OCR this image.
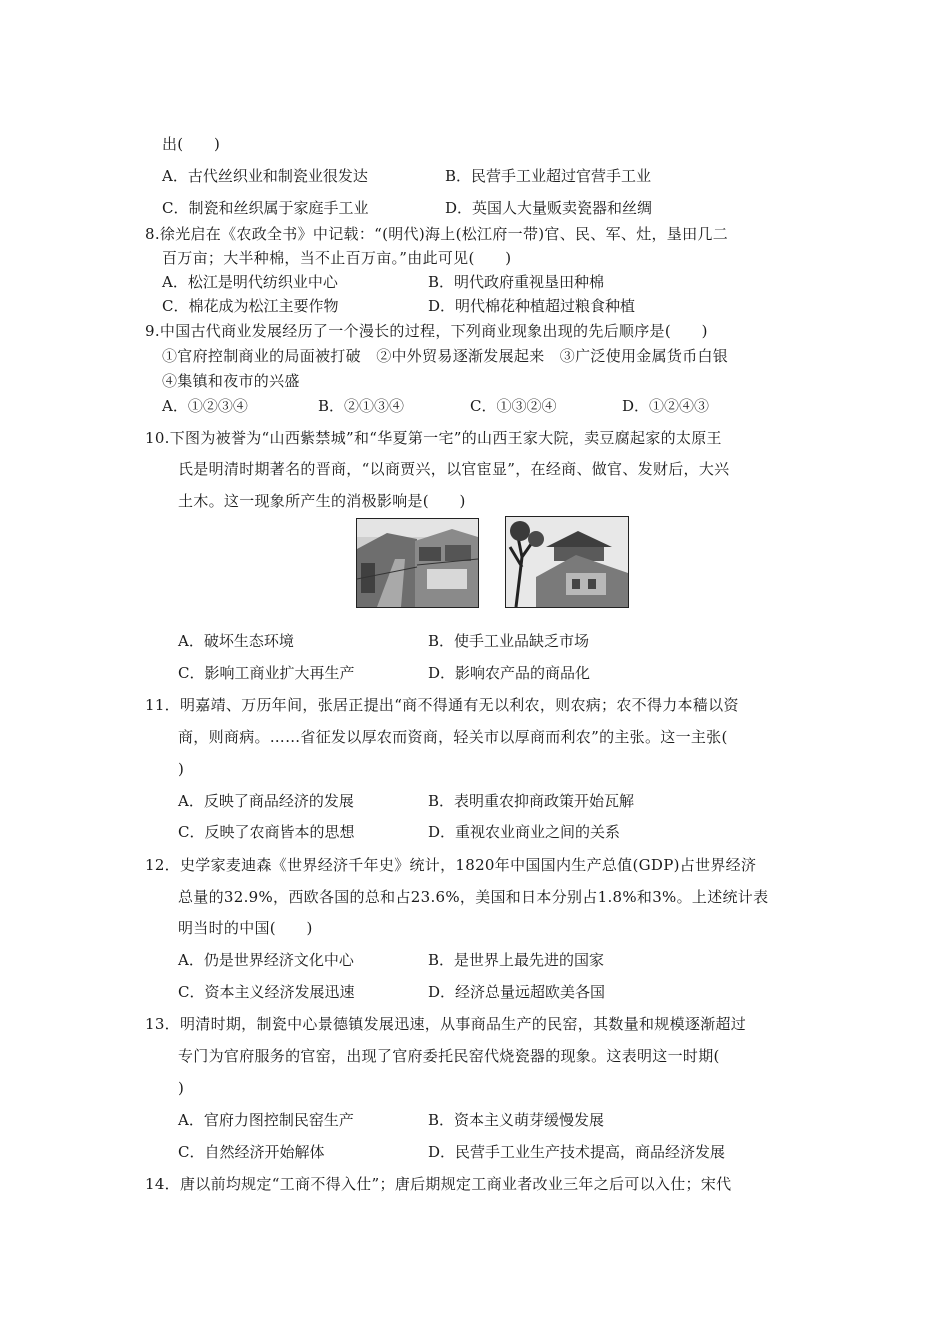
出(　　)
A．古代丝织业和制瓷业很发达	B．民营手工业超过官营手工业
C．制瓷和丝织属于家庭手工业	D．英国人大量贩卖瓷器和丝绸
8.徐光启在《农政全书》中记载：“(明代)海上(松江府一带)官、民、军、灶，垦田几二
百万亩；大半种棉，当不止百万亩。”由此可见(　　)
A．松江是明代纺织业中心	B．明代政府重视垦田种棉
C．棉花成为松江主要作物	D．明代棉花种植超过粮食种植
9.中国古代商业发展经历了一个漫长的过程，下列商业现象出现的先后顺序是(　　)
①官府控制商业的局面被打破　②中外贸易逐渐发展起来　③广泛使用金属货币白银
④集镇和夜市的兴盛
A．①②③④	B．②①③④	C．①③②④	D．①②④③
10.下图为被誉为“山西紫禁城”和“华夏第一宅”的山西王家大院，卖豆腐起家的太原王
氏是明清时期著名的晋商，“以商贾兴，以官宦显”，在经商、做官、发财后，大兴
土木。这一现象所产生的消极影响是(　　)
A．破坏生态环境	B．使手工业品缺乏市场
C．影响工商业扩大再生产	D．影响农产品的商品化
11．明嘉靖、万历年间，张居正提出“商不得通有无以利农，则农病；农不得力本穑以资
商，则商病。……省征发以厚农而资商，轻关市以厚商而利农”的主张。这一主张(
)
A．反映了商品经济的发展	B．表明重农抑商政策开始瓦解
C．反映了农商皆本的思想	D．重视农业商业之间的关系
12．史学家麦迪森《世界经济千年史》统计，1820年中国国内生产总值(GDP)占世界经济
总量的32.9%，西欧各国的总和占23.6%，美国和日本分别占1.8%和3%。上述统计表
明当时的中国(　　)
A．仍是世界经济文化中心	B．是世界上最先进的国家
C．资本主义经济发展迅速	D．经济总量远超欧美各国
13．明清时期，制瓷中心景德镇发展迅速，从事商品生产的民窑，其数量和规模逐渐超过
专门为官府服务的官窑，出现了官府委托民窑代烧瓷器的现象。这表明这一时期(
)
A．官府力图控制民窑生产	B．资本主义萌芽缓慢发展
C．自然经济开始解体	D．民营手工业生产技术提高，商品经济发展
14．唐以前均规定“工商不得入仕”；唐后期规定工商业者改业三年之后可以入仕；宋代
